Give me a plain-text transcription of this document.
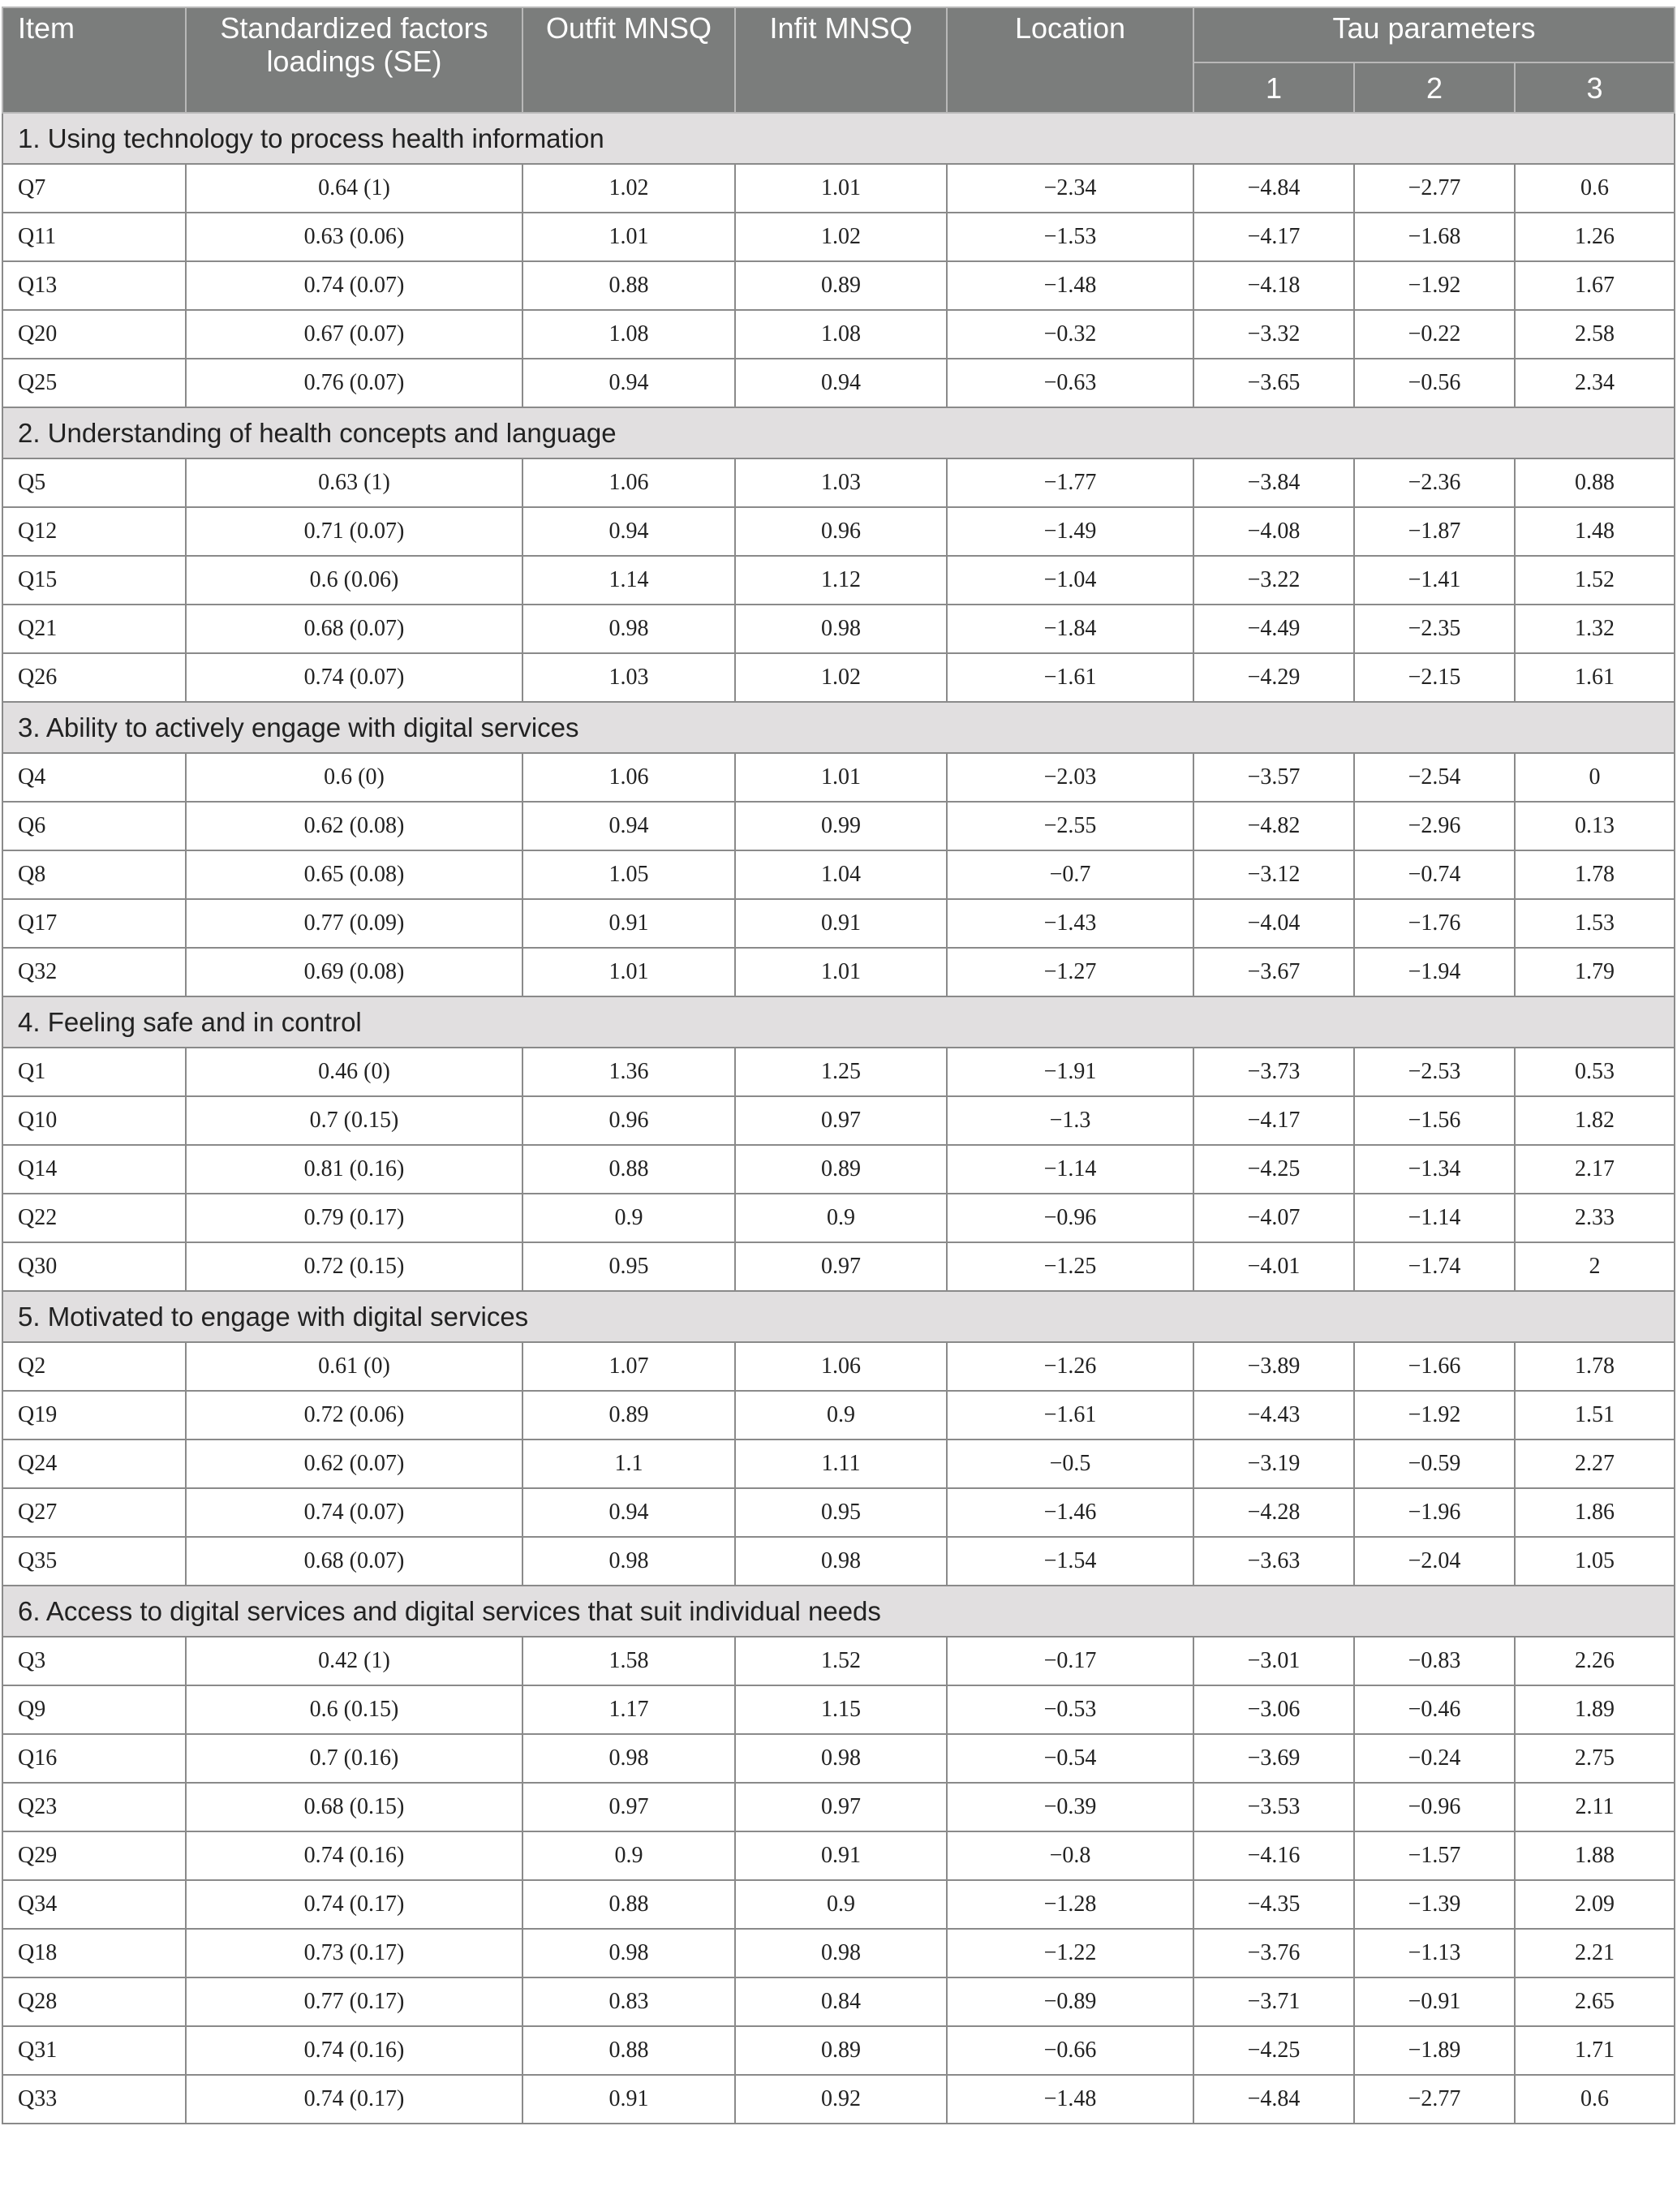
Item	Standardized factors loadings (SE)	Outfit MNSQ	Infit MNSQ	Location	Tau parameters		
					1	2	3
1. Using technology to process health information							
Q7	0.64 (1)	1.02	1.01	−2.34	−4.84	−2.77	0.6
Q11	0.63 (0.06)	1.01	1.02	−1.53	−4.17	−1.68	1.26
Q13	0.74 (0.07)	0.88	0.89	−1.48	−4.18	−1.92	1.67
Q20	0.67 (0.07)	1.08	1.08	−0.32	−3.32	−0.22	2.58
Q25	0.76 (0.07)	0.94	0.94	−0.63	−3.65	−0.56	2.34
2. Understanding of health concepts and language							
Q5	0.63 (1)	1.06	1.03	−1.77	−3.84	−2.36	0.88
Q12	0.71 (0.07)	0.94	0.96	−1.49	−4.08	−1.87	1.48
Q15	0.6 (0.06)	1.14	1.12	−1.04	−3.22	−1.41	1.52
Q21	0.68 (0.07)	0.98	0.98	−1.84	−4.49	−2.35	1.32
Q26	0.74 (0.07)	1.03	1.02	−1.61	−4.29	−2.15	1.61
3. Ability to actively engage with digital services							
Q4	0.6 (0)	1.06	1.01	−2.03	−3.57	−2.54	0
Q6	0.62 (0.08)	0.94	0.99	−2.55	−4.82	−2.96	0.13
Q8	0.65 (0.08)	1.05	1.04	−0.7	−3.12	−0.74	1.78
Q17	0.77 (0.09)	0.91	0.91	−1.43	−4.04	−1.76	1.53
Q32	0.69 (0.08)	1.01	1.01	−1.27	−3.67	−1.94	1.79
4. Feeling safe and in control							
Q1	0.46 (0)	1.36	1.25	−1.91	−3.73	−2.53	0.53
Q10	0.7 (0.15)	0.96	0.97	−1.3	−4.17	−1.56	1.82
Q14	0.81 (0.16)	0.88	0.89	−1.14	−4.25	−1.34	2.17
Q22	0.79 (0.17)	0.9	0.9	−0.96	−4.07	−1.14	2.33
Q30	0.72 (0.15)	0.95	0.97	−1.25	−4.01	−1.74	2
5. Motivated to engage with digital services							
Q2	0.61 (0)	1.07	1.06	−1.26	−3.89	−1.66	1.78
Q19	0.72 (0.06)	0.89	0.9	−1.61	−4.43	−1.92	1.51
Q24	0.62 (0.07)	1.1	1.11	−0.5	−3.19	−0.59	2.27
Q27	0.74 (0.07)	0.94	0.95	−1.46	−4.28	−1.96	1.86
Q35	0.68 (0.07)	0.98	0.98	−1.54	−3.63	−2.04	1.05
6. Access to digital services and digital services that suit individual needs							
Q3	0.42 (1)	1.58	1.52	−0.17	−3.01	−0.83	2.26
Q9	0.6 (0.15)	1.17	1.15	−0.53	−3.06	−0.46	1.89
Q16	0.7 (0.16)	0.98	0.98	−0.54	−3.69	−0.24	2.75
Q23	0.68 (0.15)	0.97	0.97	−0.39	−3.53	−0.96	2.11
Q29	0.74 (0.16)	0.9	0.91	−0.8	−4.16	−1.57	1.88
Q34	0.74 (0.17)	0.88	0.9	−1.28	−4.35	−1.39	2.09
Q18	0.73 (0.17)	0.98	0.98	−1.22	−3.76	−1.13	2.21
Q28	0.77 (0.17)	0.83	0.84	−0.89	−3.71	−0.91	2.65
Q31	0.74 (0.16)	0.88	0.89	−0.66	−4.25	−1.89	1.71
Q33	0.74 (0.17)	0.91	0.92	−1.48	−4.84	−2.77	0.6
